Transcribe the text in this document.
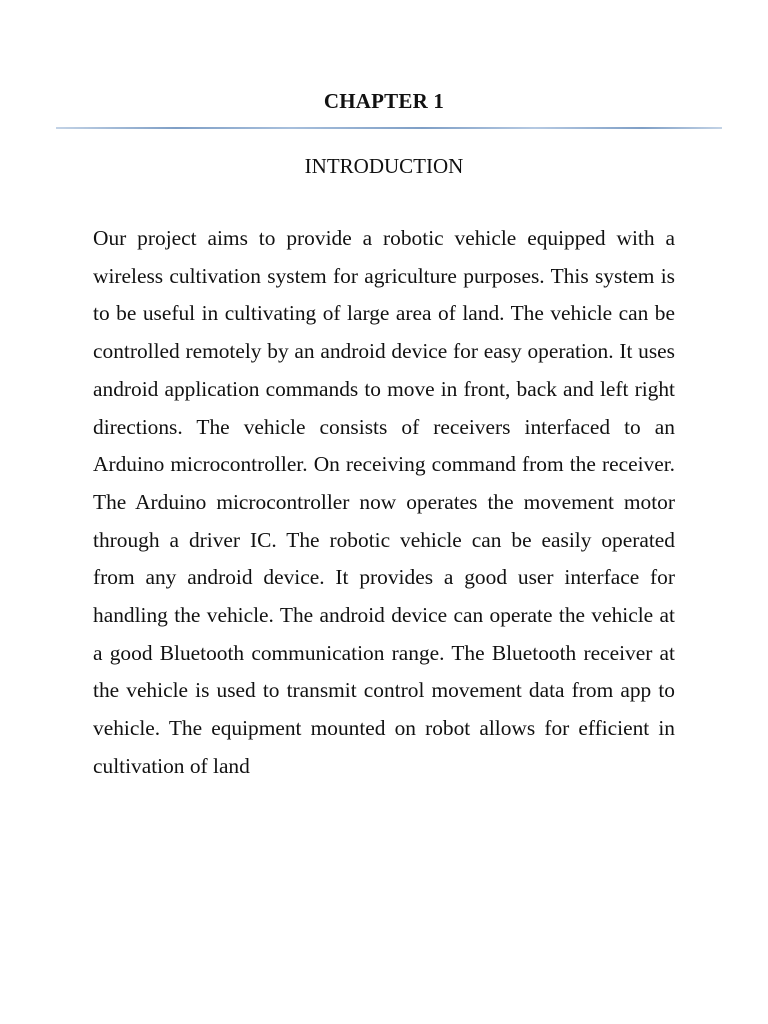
CHAPTER 1
INTRODUCTION

Our project aims to provide a robotic vehicle equipped with a wireless cultivation system for agriculture purposes. This system is to be useful in cultivating of large area of land. The vehicle can be controlled remotely by an android device for easy operation. It uses android application commands to move in front, back and left right directions. The vehicle consists of receivers interfaced to an Arduino microcontroller. On receiving command from the receiver. The Arduino microcontroller now operates the movement motor through a driver IC. The robotic vehicle can be easily operated from any android device. It provides a good user interface for handling the vehicle. The android device can operate the vehicle at a good Bluetooth communication range. The Bluetooth receiver at the vehicle is used to transmit control movement data from app to vehicle. The equipment mounted on robot allows for efficient in cultivation of land
